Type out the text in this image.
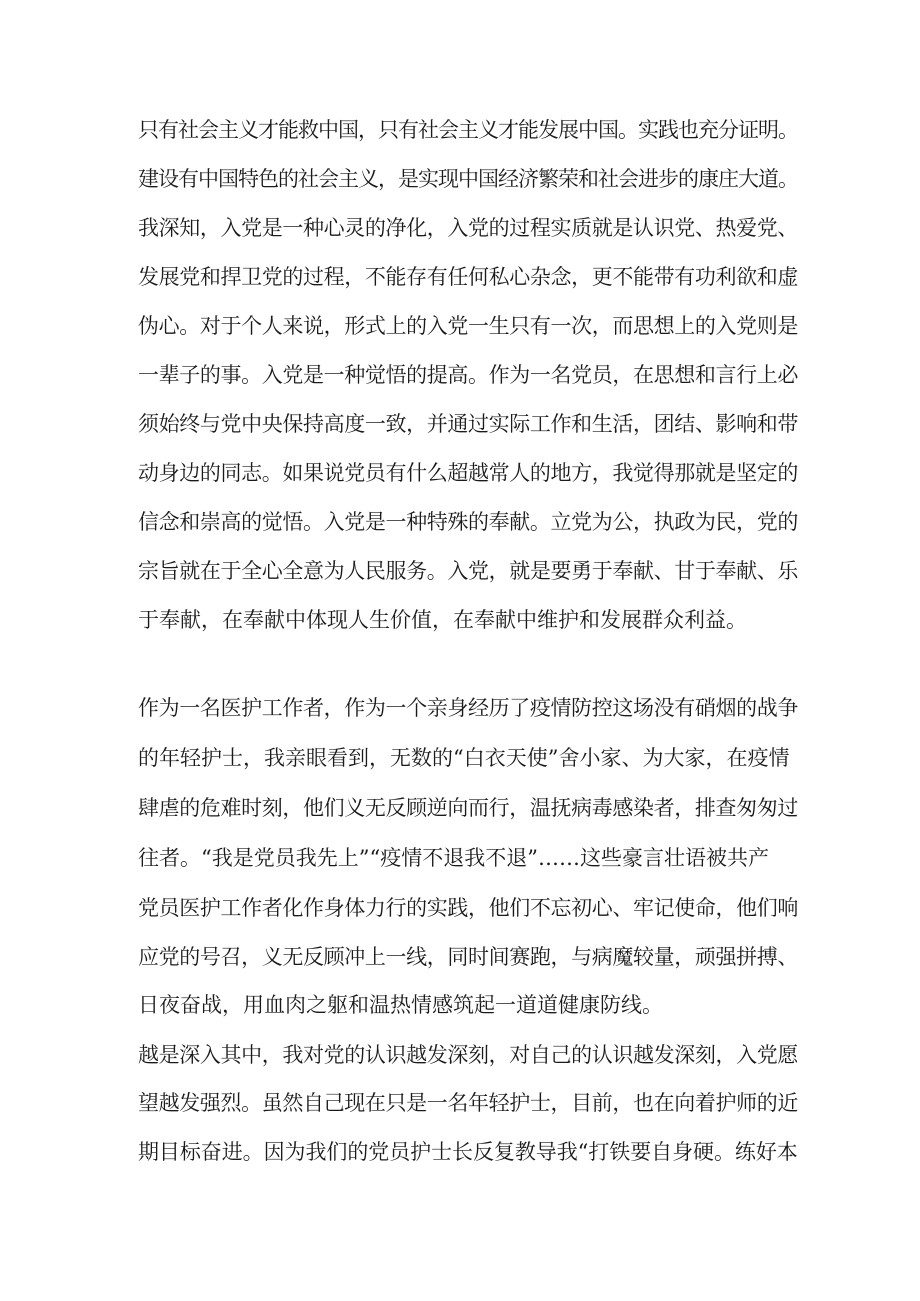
只有社会主义才能救中国，只有社会主义才能发展中国。实践也充分证明。
建设有中国特色的社会主义，是实现中国经济繁荣和社会进步的康庄大道。
我深知，入党是一种心灵的净化，入党的过程实质就是认识党、热爱党、
发展党和捍卫党的过程，不能存有任何私心杂念，更不能带有功利欲和虚
伪心。对于个人来说，形式上的入党一生只有一次，而思想上的入党则是
一辈子的事。入党是一种觉悟的提高。作为一名党员，在思想和言行上必
须始终与党中央保持高度一致，并通过实际工作和生活，团结、影响和带
动身边的同志。如果说党员有什么超越常人的地方，我觉得那就是坚定的
信念和崇高的觉悟。入党是一种特殊的奉献。立党为公，执政为民，党的
宗旨就在于全心全意为人民服务。入党，就是要勇于奉献、甘于奉献、乐
于奉献，在奉献中体现人生价值，在奉献中维护和发展群众利益。
作为一名医护工作者，作为一个亲身经历了疫情防控这场没有硝烟的战争
的年轻护士，我亲眼看到，无数的“白衣天使”舍小家、为大家，在疫情
肆虐的危难时刻，他们义无反顾逆向而行，温抚病毒感染者，排查匆匆过
往者。“我是党员我先上”“疫情不退我不退”……这些豪言壮语被共产
党员医护工作者化作身体力行的实践，他们不忘初心、牢记使命，他们响
应党的号召，义无反顾冲上一线，同时间赛跑，与病魔较量，顽强拼搏、
日夜奋战，用血肉之躯和温热情感筑起一道道健康防线。
越是深入其中，我对党的认识越发深刻，对自己的认识越发深刻，入党愿
望越发强烈。虽然自己现在只是一名年轻护士，目前，也在向着护师的近
期目标奋进。因为我们的党员护士长反复教导我“打铁要自身硬。练好本
